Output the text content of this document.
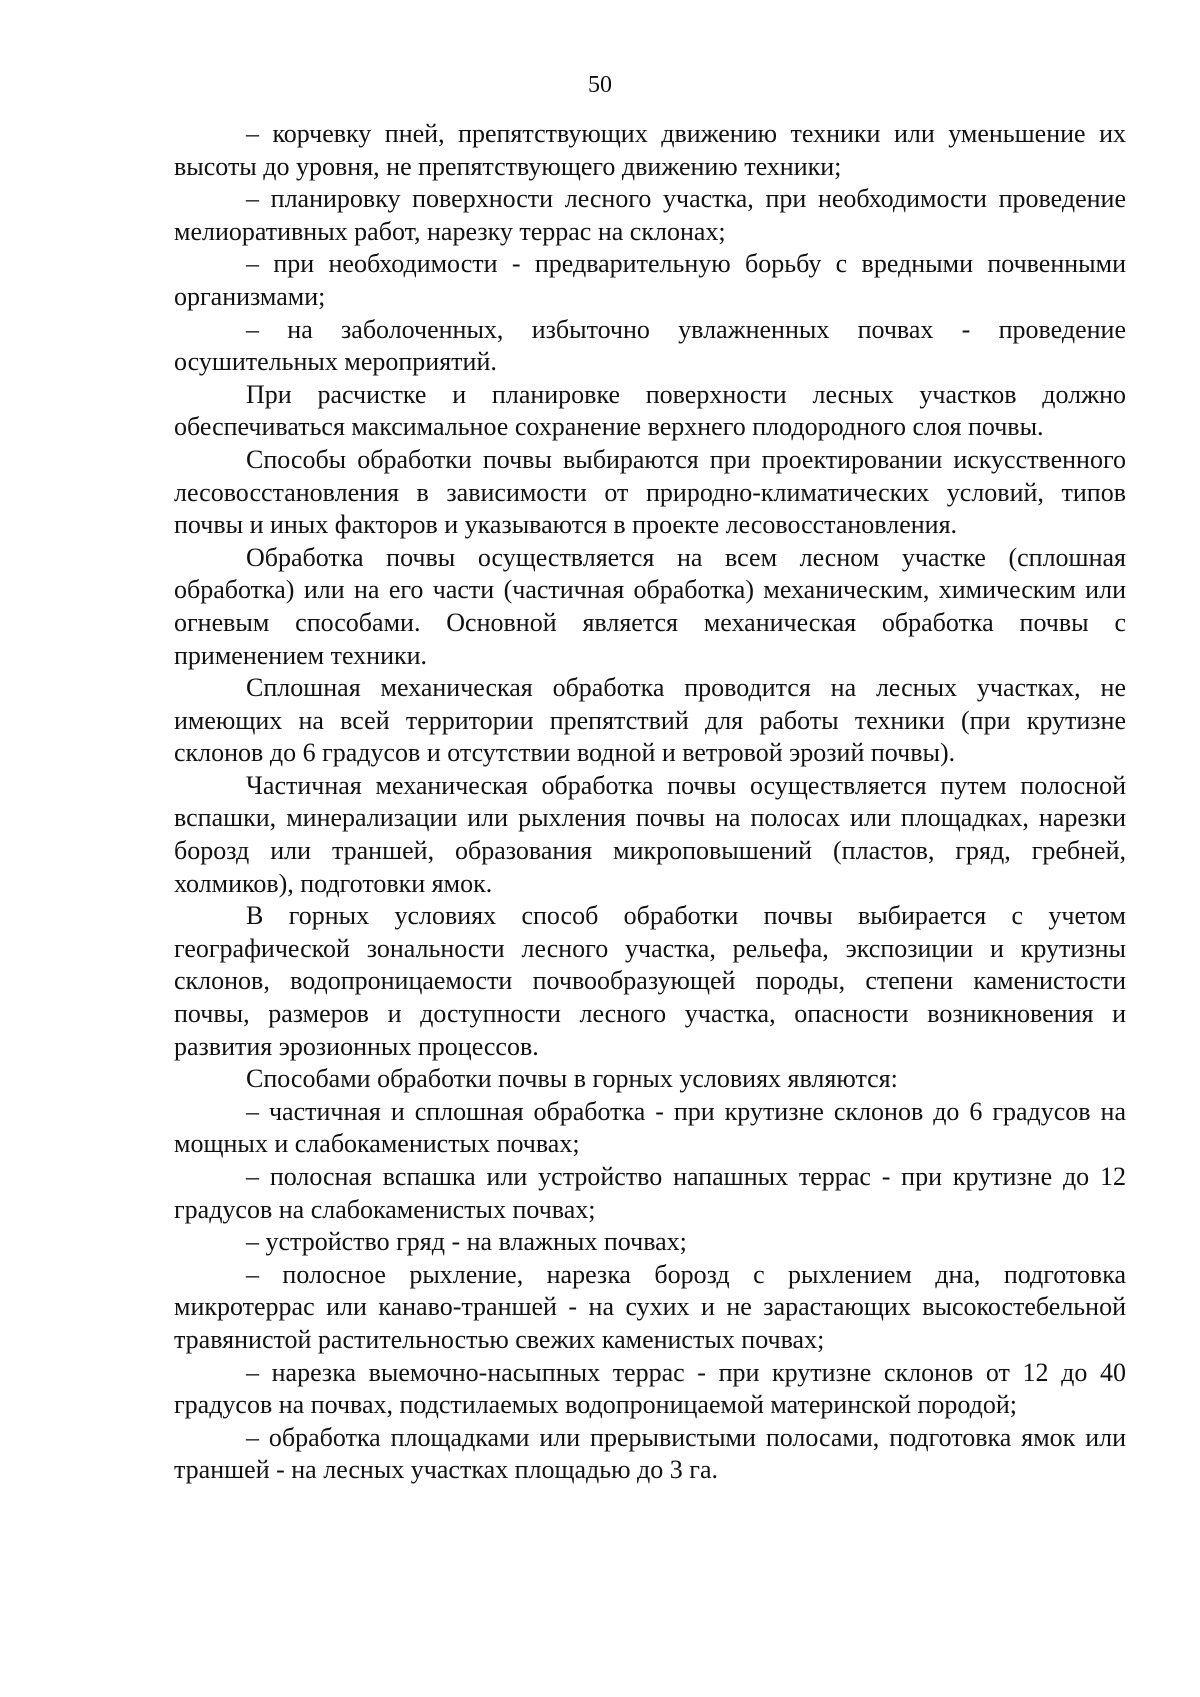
50

– корчевку пней, препятствующих движению техники или уменьшение их высоты до уровня, не препятствующего движению техники;

– планировку поверхности лесного участка, при необходимости проведение мелиоративных работ, нарезку террас на склонах;

– при необходимости - предварительную борьбу с вредными почвенными организмами;

– на заболоченных, избыточно увлажненных почвах - проведение осушительных мероприятий.

При расчистке и планировке поверхности лесных участков должно обеспечиваться максимальное сохранение верхнего плодородного слоя почвы.

Способы обработки почвы выбираются при проектировании искусственного лесовосстановления в зависимости от природно-климатических условий, типов почвы и иных факторов и указываются в проекте лесовосстановления.

Обработка почвы осуществляется на всем лесном участке (сплошная обработка) или на его части (частичная обработка) механическим, химическим или огневым способами. Основной является механическая обработка почвы с применением техники.

Сплошная механическая обработка проводится на лесных участках, не имеющих на всей территории препятствий для работы техники (при крутизне склонов до 6 градусов и отсутствии водной и ветровой эрозий почвы).

Частичная механическая обработка почвы осуществляется путем полосной вспашки, минерализации или рыхления почвы на полосах или площадках, нарезки борозд или траншей, образования микроповышений (пластов, гряд, гребней, холмиков), подготовки ямок.

В горных условиях способ обработки почвы выбирается с учетом географической зональности лесного участка, рельефа, экспозиции и крутизны склонов, водопроницаемости почвообразующей породы, степени каменистости почвы, размеров и доступности лесного участка, опасности возникновения и развития эрозионных процессов.

Способами обработки почвы в горных условиях являются:

– частичная и сплошная обработка - при крутизне склонов до 6 градусов на мощных и слабокаменистых почвах;

– полосная вспашка или устройство напашных террас - при крутизне до 12 градусов на слабокаменистых почвах;

– устройство гряд - на влажных почвах;

– полосное рыхление, нарезка борозд с рыхлением дна, подготовка микротеррас или канаво-траншей - на сухих и не зарастающих высокостебельной травянистой растительностью свежих каменистых почвах;

– нарезка выемочно-насыпных террас - при крутизне склонов от 12 до 40 градусов на почвах, подстилаемых водопроницаемой материнской породой;

– обработка площадками или прерывистыми полосами, подготовка ямок или траншей - на лесных участках площадью до 3 га.
